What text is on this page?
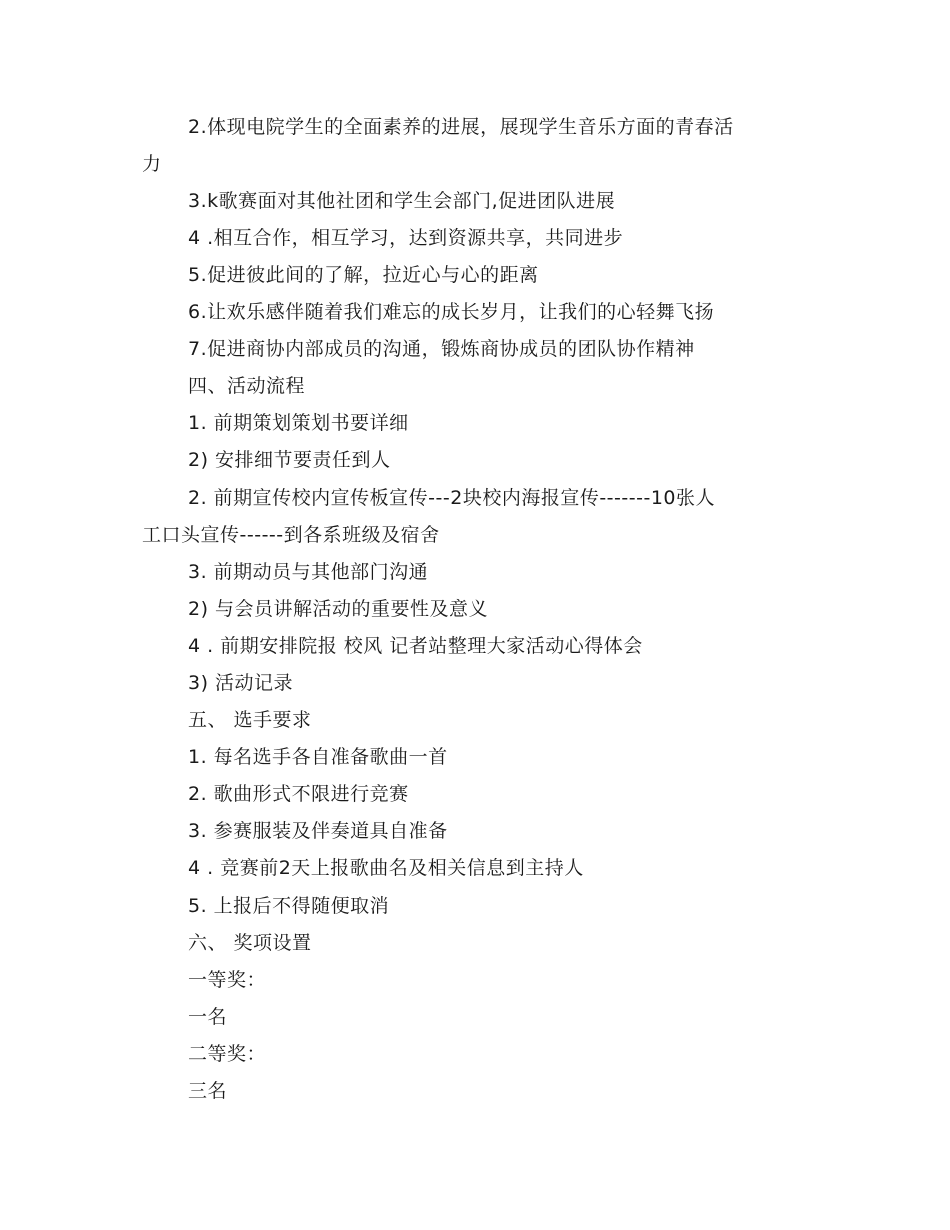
2.体现电院学生的全面素养的进展，展现学生音乐方面的青春活
力
3.k歌赛面对其他社团和学生会部门,促进团队进展
4 .相互合作，相互学习，达到资源共享，共同进步
5.促进彼此间的了解，拉近心与心的距离
6.让欢乐感伴随着我们难忘的成长岁月，让我们的心轻舞飞扬
7.促进商协内部成员的沟通，锻炼商协成员的团队协作精神
四、活动流程
1. 前期策划策划书要详细
2) 安排细节要责任到人
2. 前期宣传校内宣传板宣传---2块校内海报宣传-------10张人
工口头宣传------到各系班级及宿舍
3. 前期动员与其他部门沟通
2) 与会员讲解活动的重要性及意义
4 . 前期安排院报 校风 记者站整理大家活动心得体会
3) 活动记录
五、 选手要求
1. 每名选手各自准备歌曲一首
2. 歌曲形式不限进行竞赛
3. 参赛服装及伴奏道具自准备
4 . 竞赛前2天上报歌曲名及相关信息到主持人
5. 上报后不得随便取消
六、 奖项设置
一等奖：
一名
二等奖：
三名
